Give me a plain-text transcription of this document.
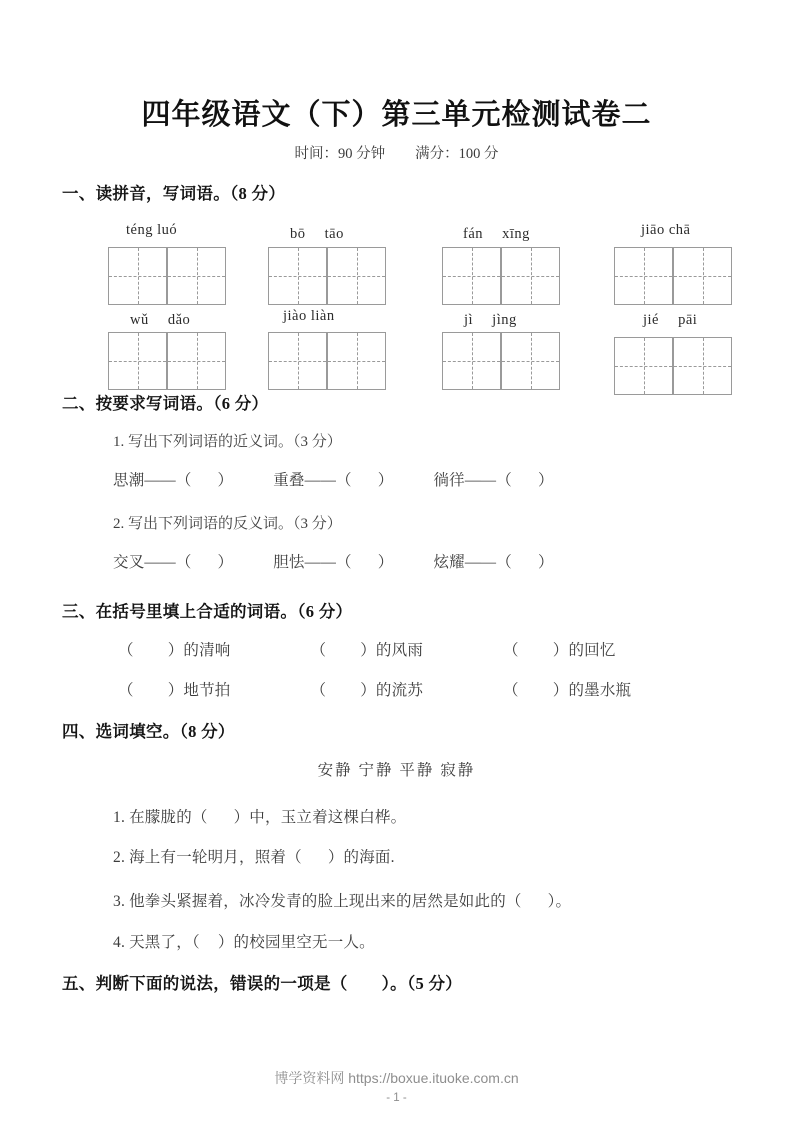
四年级语文（下）第三单元检测试卷二
时间：90 分钟 满分：100 分
一、读拼音，写词语。（8 分）
téng luó	bō　 tāo	fán　 xīng	jiāo chā
wǔ　 dǎo	jiào liàn	jì　 jìng	jié　 pāi
二、按要求写词语。（6 分）
1. 写出下列词语的近义词。（3 分）
思潮——（ ）	重叠——（ ）	徜徉——（ ）
2. 写出下列词语的反义词。（3 分）
交叉——（ ）	胆怯——（ ）	炫耀——（ ）
三、在括号里填上合适的词语。（6 分）
（ ）的清响	（ ）的风雨	（ ）的回忆
（ ）地节拍	（ ）的流苏	（ ）的墨水瓶
四、选词填空。（8 分）
安静 宁静 平静 寂静
1. 在朦胧的（ ）中，玉立着这棵白桦。
2. 海上有一轮明月，照着（ ）的海面.
3. 他拳头紧握着，冰冷发青的脸上现出来的居然是如此的（ ）。
4. 天黑了，（ ）的校园里空无一人。
五、判断下面的说法，错误的一项是（ ）。（5 分）
博学资料网 https://boxue.ituoke.com.cn
- 1 -
